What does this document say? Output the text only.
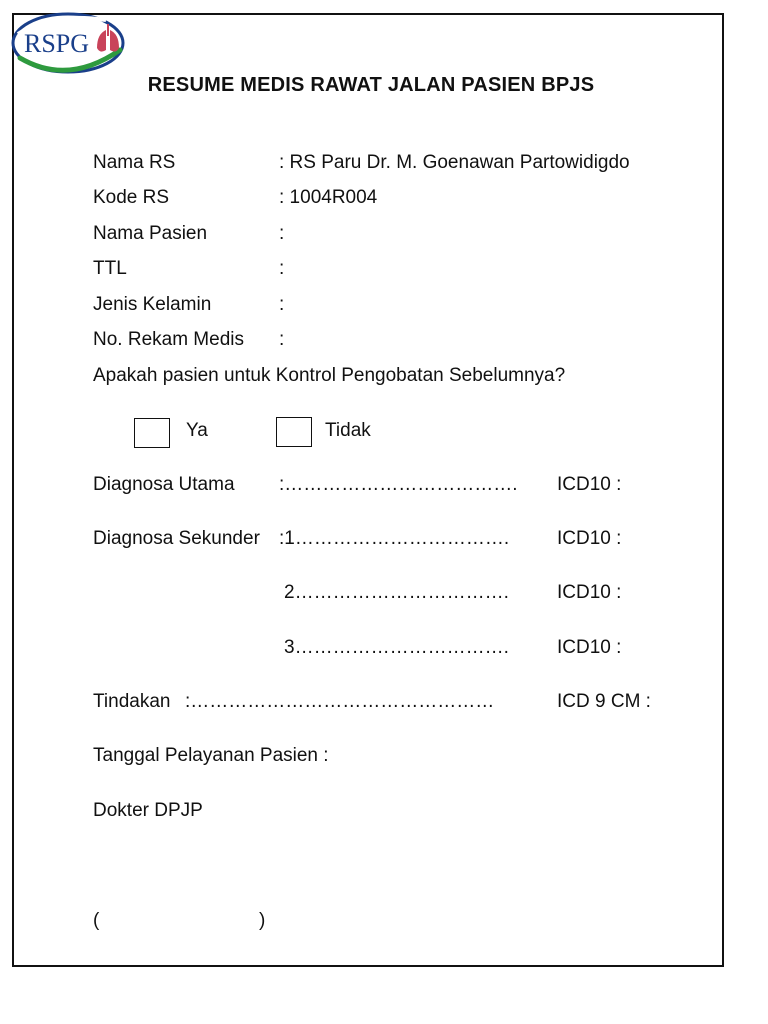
RSPG
RESUME MEDIS RAWAT JALAN PASIEN BPJS
Nama RS	: RS Paru Dr. M. Goenawan Partowidigdo
Kode RS	: 1004R004
Nama Pasien	:
TTL	:
Jenis Kelamin	:
No. Rekam Medis :
Apakah pasien untuk Kontrol Pengobatan Sebelumnya?
Ya	Tidak
Diagnosa Utama :………………………………. ICD10 :
Diagnosa Sekunder :1…………………………….	ICD10 :
2…………………………….	ICD10 :
3…………………………….	ICD10 :
Tindakan :…………………………………………	ICD 9 CM :
Tanggal Pelayanan Pasien :
Dokter DPJP
(	)
